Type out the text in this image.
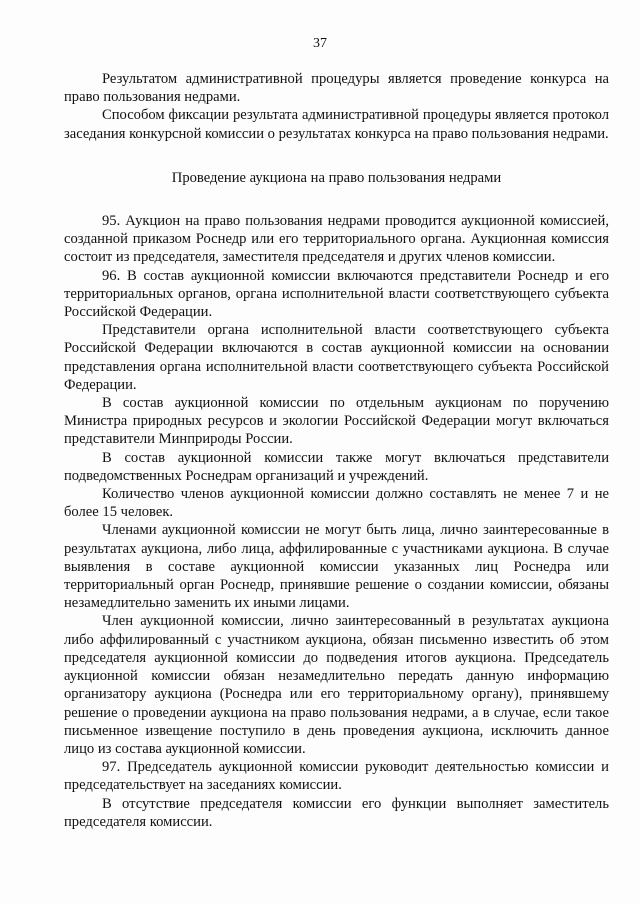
37

Результатом административной процедуры является проведение конкурса на право пользования недрами.

Способом фиксации результата административной процедуры является протокол заседания конкурсной комиссии о результатах конкурса на право пользования недрами.

Проведение аукциона на право пользования недрами

95. Аукцион на право пользования недрами проводится аукционной комиссией, созданной приказом Роснедр или его территориального органа. Аукционная комиссия состоит из председателя, заместителя председателя и других членов комиссии.

96. В состав аукционной комиссии включаются представители Роснедр и его территориальных органов, органа исполнительной власти соответствующего субъекта Российской Федерации.

Представители органа исполнительной власти соответствующего субъекта Российской Федерации включаются в состав аукционной комиссии на основании представления органа исполнительной власти соответствующего субъекта Российской Федерации.

В состав аукционной комиссии по отдельным аукционам по поручению Министра природных ресурсов и экологии Российской Федерации могут включаться представители Минприроды России.

В состав аукционной комиссии также могут включаться представители подведомственных Роснедрам организаций и учреждений.

Количество членов аукционной комиссии должно составлять не менее 7 и не более 15 человек.

Членами аукционной комиссии не могут быть лица, лично заинтересованные в результатах аукциона, либо лица, аффилированные с участниками аукциона. В случае выявления в составе аукционной комиссии указанных лиц Роснедра или территориальный орган Роснедр, принявшие решение о создании комиссии, обязаны незамедлительно заменить их иными лицами.

Член аукционной комиссии, лично заинтересованный в результатах аукциона либо аффилированный с участником аукциона, обязан письменно известить об этом председателя аукционной комиссии до подведения итогов аукциона. Председатель аукционной комиссии обязан незамедлительно передать данную информацию организатору аукциона (Роснедра или его территориальному органу), принявшему решение о проведении аукциона на право пользования недрами, а в случае, если такое письменное извещение поступило в день проведения аукциона, исключить данное лицо из состава аукционной комиссии.

97. Председатель аукционной комиссии руководит деятельностью комиссии и председательствует на заседаниях комиссии.

В отсутствие председателя комиссии его функции выполняет заместитель председателя комиссии.
